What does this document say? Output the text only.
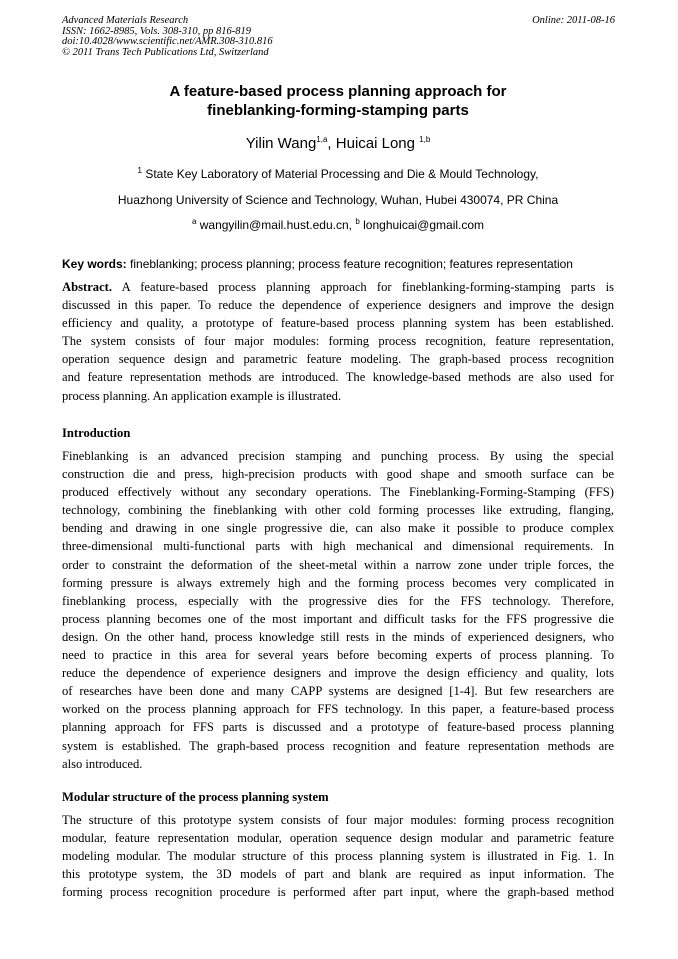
Advanced Materials Research
ISSN: 1662-8985, Vols. 308-310, pp 816-819
doi:10.4028/www.scientific.net/AMR.308-310.816
© 2011 Trans Tech Publications Ltd, Switzerland
Online: 2011-08-16
A feature-based process planning approach for
fineblanking-forming-stamping parts
Yilin Wang$^{1,a}$, Huicai Long $^{1,b}$
$^1$ State Key Laboratory of Material Processing and Die & Mould Technology,
Huazhong University of Science and Technology, Wuhan, Hubei 430074, PR China
$^a$ wangyilin@mail.hust.edu.cn, $^b$ longhuicai@gmail.com
Key words: fineblanking; process planning; process feature recognition; features representation
Abstract. A feature-based process planning approach for fineblanking-forming-stamping parts is
discussed in this paper. To reduce the dependence of experience designers and improve the design
efficiency and quality, a prototype of feature-based process planning system has been established.
The system consists of four major modules: forming process recognition, feature representation,
operation sequence design and parametric feature modeling. The graph-based process recognition
and feature representation methods are introduced. The knowledge-based methods are also used for
process planning. An application example is illustrated.
Introduction
Fineblanking is an advanced precision stamping and punching process. By using the special
construction die and press, high-precision products with good shape and smooth surface can be
produced effectively without any secondary operations. The Fineblanking-Forming-Stamping (FFS)
technology, combining the fineblanking with other cold forming processes like extruding, flanging,
bending and drawing in one single progressive die, can also make it possible to produce complex
three-dimensional multi-functional parts with high mechanical and dimensional requirements. In
order to constraint the deformation of the sheet-metal within a narrow zone under triple forces, the
forming pressure is always extremely high and the forming process becomes very complicated in
fineblanking process, especially with the progressive dies for the FFS technology. Therefore,
process planning becomes one of the most important and difficult tasks for the FFS progressive die
design. On the other hand, process knowledge still rests in the minds of experienced designers, who
need to practice in this area for several years before becoming experts of process planning. To
reduce the dependence of experience designers and improve the design efficiency and quality, lots
of researches have been done and many CAPP systems are designed [1-4]. But few researchers are
worked on the process planning approach for FFS technology. In this paper, a feature-based process
planning approach for FFS parts is discussed and a prototype of feature-based process planning
system is established. The graph-based process recognition and feature representation methods are
also introduced.
Modular structure of the process planning system
The structure of this prototype system consists of four major modules: forming process recognition
modular, feature representation modular, operation sequence design modular and parametric feature
modeling modular. The modular structure of this process planning system is illustrated in Fig. 1. In
this prototype system, the 3D models of part and blank are required as input information. The
forming process recognition procedure is performed after part input, where the graph-based method
